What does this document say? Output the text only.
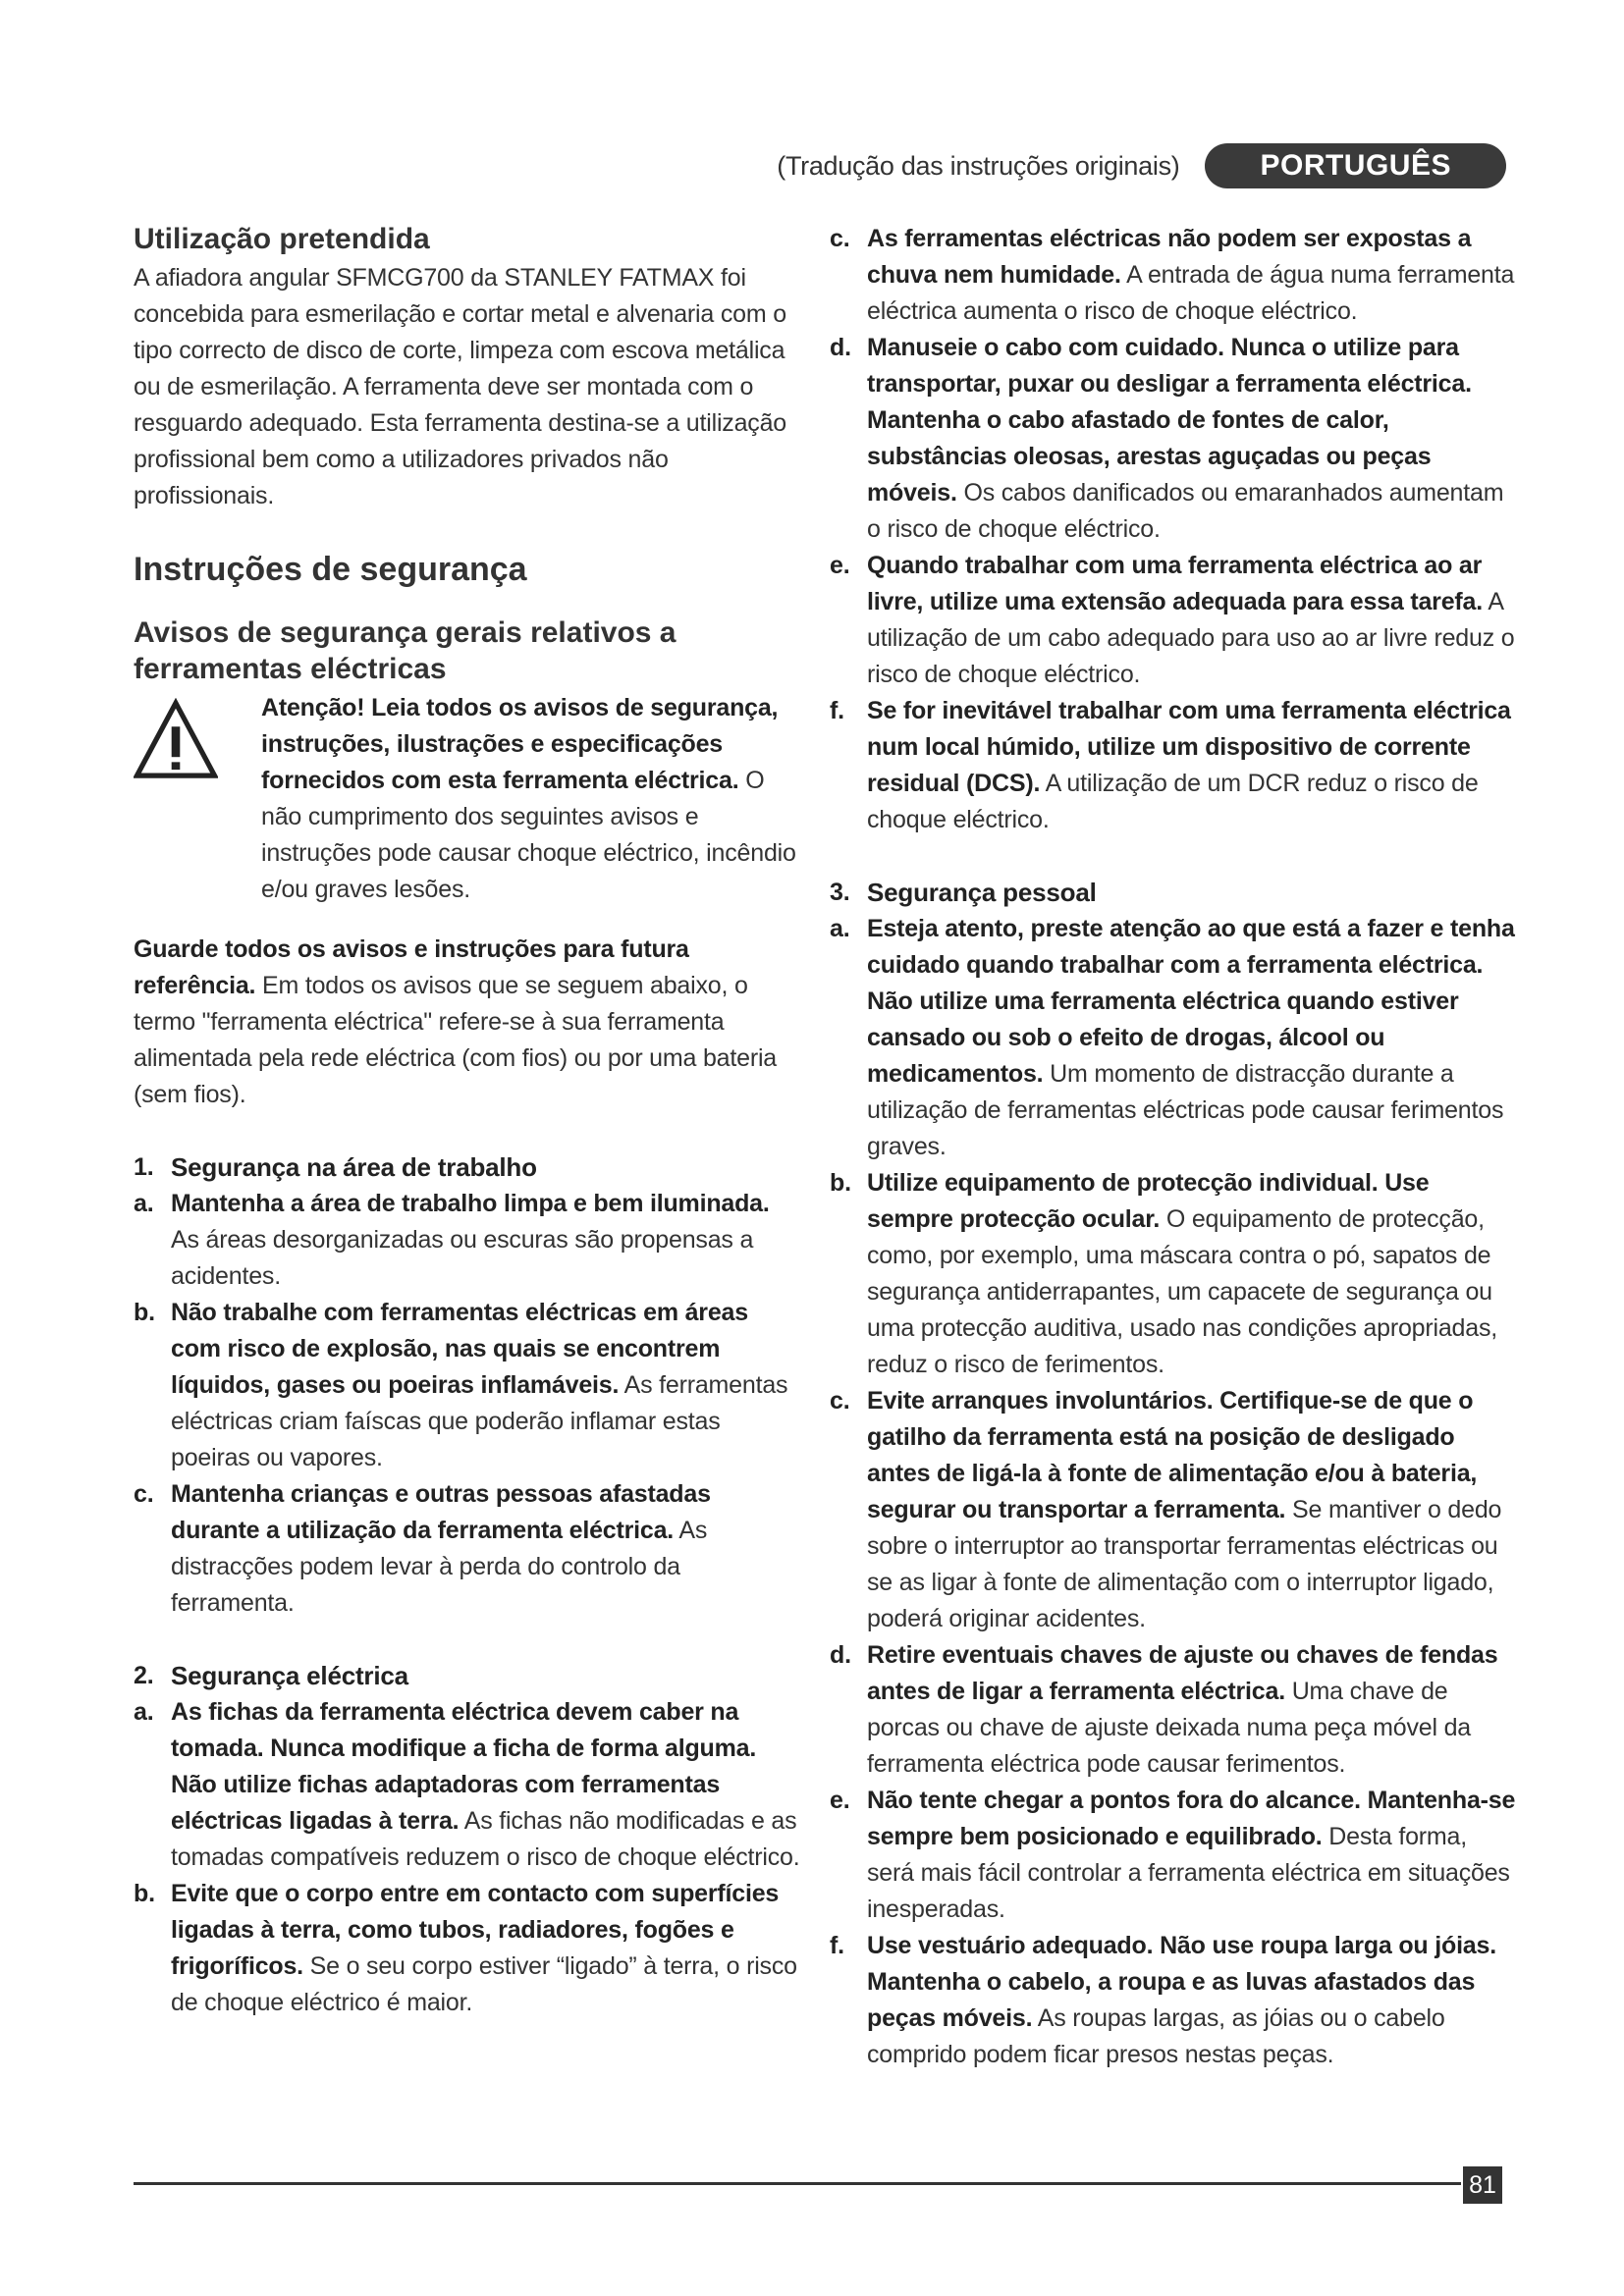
(Tradução das instruções originais)	PORTUGUÊS

Utilização pretendida

A afiadora angular SFMCG700 da STANLEY FATMAX foi concebida para esmerilação e cortar metal e alvenaria com o tipo correcto de disco de corte, limpeza com escova metálica ou de esmerilação. A ferramenta deve ser montada com o resguardo adequado. Esta ferramenta destina-se a utilização profissional bem como a utilizadores privados não profissionais.

Instruções de segurança

Avisos de segurança gerais relativos a ferramentas eléctricas

Atenção! Leia todos os avisos de segurança, instruções, ilustrações e especificações fornecidos com esta ferramenta eléctrica. O não cumprimento dos seguintes avisos e instruções pode causar choque eléctrico, incêndio e/ou graves lesões.

Guarde todos os avisos e instruções para futura referência. Em todos os avisos que se seguem abaixo, o termo "ferramenta eléctrica" refere-se à sua ferramenta alimentada pela rede eléctrica (com fios) ou por uma bateria (sem fios).

1. Segurança na área de trabalho
a. Mantenha a área de trabalho limpa e bem iluminada. As áreas desorganizadas ou escuras são propensas a acidentes.
b. Não trabalhe com ferramentas eléctricas em áreas com risco de explosão, nas quais se encontrem líquidos, gases ou poeiras inflamáveis. As ferramentas eléctricas criam faíscas que poderão inflamar estas poeiras ou vapores.
c. Mantenha crianças e outras pessoas afastadas durante a utilização da ferramenta eléctrica. As distracções podem levar à perda do controlo da ferramenta.
2. Segurança eléctrica
a. As fichas da ferramenta eléctrica devem caber na tomada. Nunca modifique a ficha de forma alguma. Não utilize fichas adaptadoras com ferramentas eléctricas ligadas à terra. As fichas não modificadas e as tomadas compatíveis reduzem o risco de choque eléctrico.
b. Evite que o corpo entre em contacto com superfícies ligadas à terra, como tubos, radiadores, fogões e frigoríficos. Se o seu corpo estiver “ligado” à terra, o risco de choque eléctrico é maior.
c. As ferramentas eléctricas não podem ser expostas a chuva nem humidade. A entrada de água numa ferramenta eléctrica aumenta o risco de choque eléctrico.
d. Manuseie o cabo com cuidado. Nunca o utilize para transportar, puxar ou desligar a ferramenta eléctrica. Mantenha o cabo afastado de fontes de calor, substâncias oleosas, arestas aguçadas ou peças móveis. Os cabos danificados ou emaranhados aumentam o risco de choque eléctrico.
e. Quando trabalhar com uma ferramenta eléctrica ao ar livre, utilize uma extensão adequada para essa tarefa. A utilização de um cabo adequado para uso ao ar livre reduz o risco de choque eléctrico.
f. Se for inevitável trabalhar com uma ferramenta eléctrica num local húmido, utilize um dispositivo de corrente residual (DCS). A utilização de um DCR reduz o risco de choque eléctrico.
3. Segurança pessoal
a. Esteja atento, preste atenção ao que está a fazer e tenha cuidado quando trabalhar com a ferramenta eléctrica. Não utilize uma ferramenta eléctrica quando estiver cansado ou sob o efeito de drogas, álcool ou medicamentos. Um momento de distracção durante a utilização de ferramentas eléctricas pode causar ferimentos graves.
b. Utilize equipamento de protecção individual. Use sempre protecção ocular. O equipamento de protecção, como, por exemplo, uma máscara contra o pó, sapatos de segurança antiderrapantes, um capacete de segurança ou uma protecção auditiva, usado nas condições apropriadas, reduz o risco de ferimentos.
c. Evite arranques involuntários. Certifique-se de que o gatilho da ferramenta está na posição de desligado antes de ligá-la à fonte de alimentação e/ou à bateria, segurar ou transportar a ferramenta. Se mantiver o dedo sobre o interruptor ao transportar ferramentas eléctricas ou se as ligar à fonte de alimentação com o interruptor ligado, poderá originar acidentes.
d. Retire eventuais chaves de ajuste ou chaves de fendas antes de ligar a ferramenta eléctrica. Uma chave de porcas ou chave de ajuste deixada numa peça móvel da ferramenta eléctrica pode causar ferimentos.
e. Não tente chegar a pontos fora do alcance. Mantenha-se sempre bem posicionado e equilibrado. Desta forma, será mais fácil controlar a ferramenta eléctrica em situações inesperadas.
f. Use vestuário adequado. Não use roupa larga ou jóias. Mantenha o cabelo, a roupa e as luvas afastados das peças móveis. As roupas largas, as jóias ou o cabelo comprido podem ficar presos nestas peças.
81
